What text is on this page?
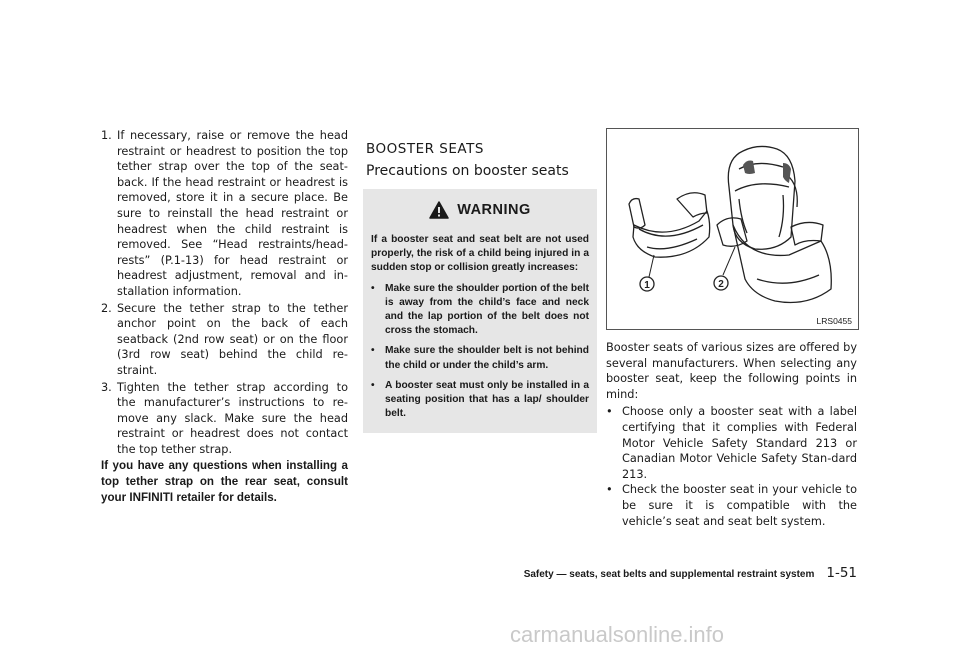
1. If necessary, raise or remove the head restraint or headrest to position the top tether strap over the top of the seat-back. If the head restraint or headrest is removed, store it in a secure place. Be sure to reinstall the head restraint or headrest when the child restraint is removed. See “Head restraints/head-rests” (P.1-13) for head restraint or headrest adjustment, removal and in-stallation information.
2. Secure the tether strap to the tether anchor point on the back of each seatback (2nd row seat) or on the floor (3rd row seat) behind the child re-straint.
3. Tighten the tether strap according to the manufacturer’s instructions to re-move any slack. Make sure the head restraint or headrest does not contact the top tether strap.

If you have any questions when installing a top tether strap on the rear seat, consult your INFINITI retailer for details.

BOOSTER SEATS
Precautions on booster seats
WARNING

If a booster seat and seat belt are not used properly, the risk of a child being injured in a sudden stop or collision greatly increases:

•	Make sure the shoulder portion of the belt is away from the child’s face and neck and the lap portion of the belt does not cross the stomach.
•	Make sure the shoulder belt is not behind the child or under the child’s arm.
•	A booster seat must only be installed in a seating position that has a lap/ shoulder belt.
1	2
LRS0455

Booster seats of various sizes are offered by several manufacturers. When selecting any booster seat, keep the following points in mind:

• Choose only a booster seat with a label certifying that it complies with Federal Motor Vehicle Safety Standard 213 or Canadian Motor Vehicle Safety Stan-dard 213.
• Check the booster seat in your vehicle to be sure it is compatible with the vehicle’s seat and seat belt system.
Safety — seats, seat belts and supplemental restraint system 1-51
carmanualsonline.info
